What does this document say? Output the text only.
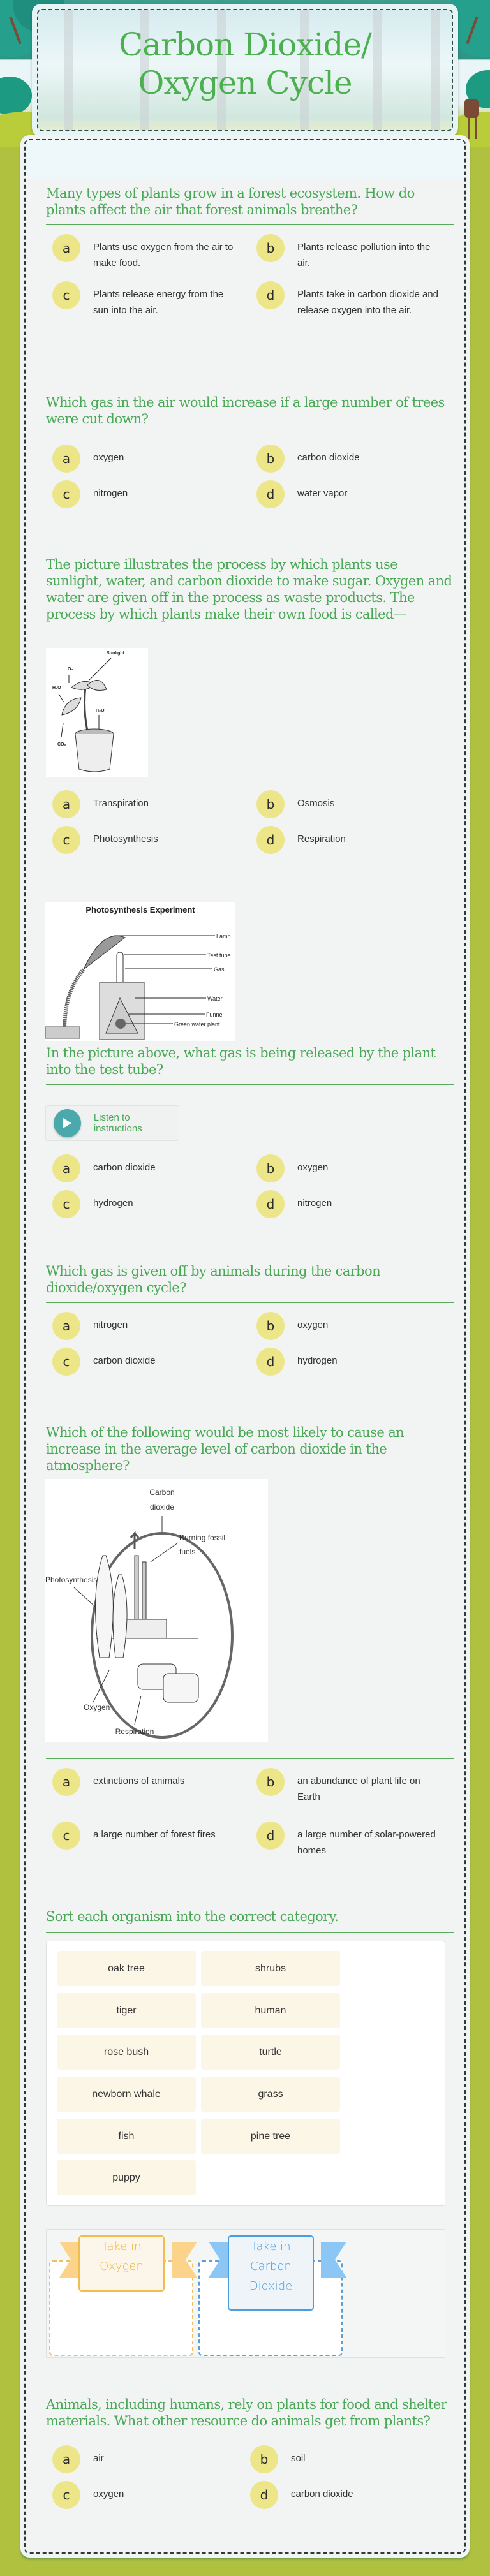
Carbon Dioxide/
Oxygen Cycle
Many types of plants grow in a forest ecosystem. How do plants affect the air that forest animals breathe?
a	Plants use oxygen from the air to make food.
b	Plants release pollution into the air.
c	Plants release energy from the sun into the air.
d	Plants take in carbon dioxide and release oxygen into the air.
Which gas in the air would increase if a large number of trees were cut down?
a	oxygen	b	carbon dioxide
c	nitrogen	d	water vapor
The picture illustrates the process by which plants use sunlight, water, and carbon dioxide to make sugar. Oxygen and water are given off in the process as waste products. The process by which plants make their own food is called—
Sunlight
O₂
H₂O
H₂O
CO₂
a	Transpiration	b	Osmosis
c	Photosynthesis	d	Respiration
Photosynthesis Experiment
Lamp
Test tube
Gas
Water
Funnel
Green water plant
In the picture above, what gas is being released by the plant into the test tube?
Listen to instructions
a	carbon dioxide	b	oxygen
c	hydrogen	d	nitrogen
Which gas is given off by animals during the carbon dioxide/oxygen cycle?
a	nitrogen	b	oxygen
c	carbon dioxide	d	hydrogen
Which of the following would be most likely to cause an increase in the average level of carbon dioxide in the atmosphere?
Carbon
dioxide
Burning fossil
fuels
Photosynthesis
Oxygen
Respiration
a	extinctions of animals	b	an abundance of plant life on Earth
c	a large number of forest fires	d	a large number of solar-powered homes
Sort each organism into the correct category.
oak tree	shrubs
tiger	human
rose bush	turtle
newborn whale	grass
fish	pine tree
puppy
Take in
Oxygen
Take in
Carbon
Dioxide
Animals, including humans, rely on plants for food and shelter materials. What other resource do animals get from plants?
a	air	b	soil
c	oxygen	d	carbon dioxide
